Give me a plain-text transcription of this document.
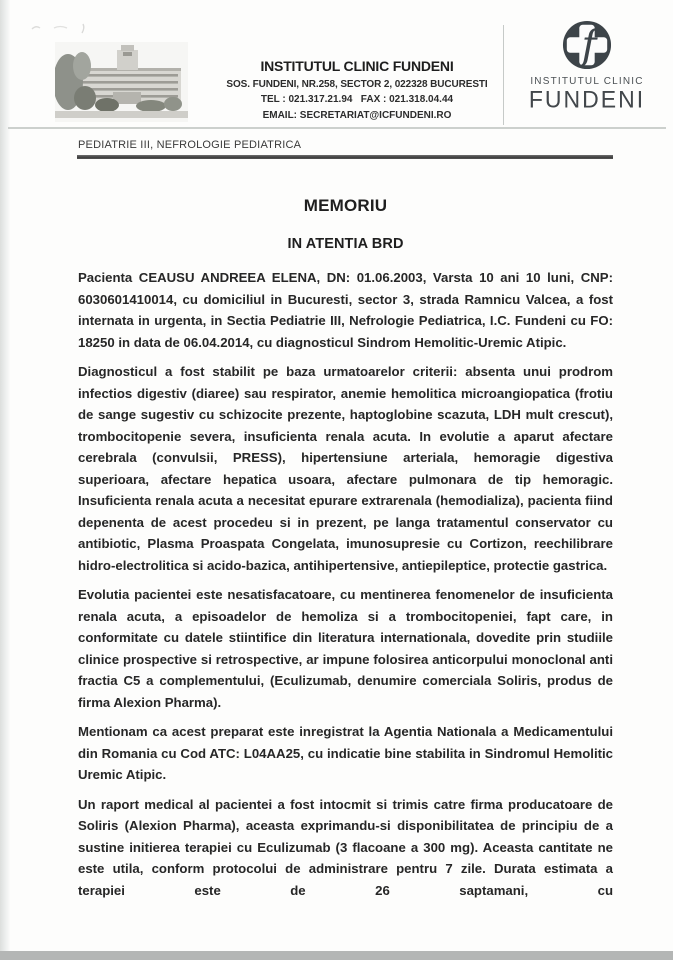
INSTITUTUL CLINIC FUNDENI
SOS. FUNDENI, NR.258, SECTOR 2, 022328 BUCURESTI
TEL : 021.317.21.94   FAX : 021.318.04.44
EMAIL: SECRETARIAT@ICFUNDENI.RO
f
INSTITUTUL CLINIC
FUNDENI
PEDIATRIE III, NEFROLOGIE PEDIATRICA
MEMORIU
IN ATENTIA BRD

Pacienta CEAUSU ANDREEA ELENA, DN: 01.06.2003, Varsta 10 ani 10 luni, CNP: 6030601410014, cu domiciliul in Bucuresti, sector 3, strada Ramnicu Valcea, a fost internata in urgenta, in Sectia Pediatrie III, Nefrologie Pediatrica, I.C. Fundeni cu FO: 18250 in data de 06.04.2014, cu diagnosticul Sindrom Hemolitic-Uremic Atipic.

Diagnosticul a fost stabilit pe baza urmatoarelor criterii: absenta unui prodrom infectios digestiv (diaree) sau respirator, anemie hemolitica microangiopatica (frotiu de sange sugestiv cu schizocite prezente, haptoglobine scazuta, LDH mult crescut), trombocitopenie severa, insuficienta renala acuta. In evolutie a aparut afectare cerebrala (convulsii, PRESS), hipertensiune arteriala, hemoragie digestiva superioara, afectare hepatica usoara, afectare pulmonara de tip hemoragic. Insuficienta renala acuta a necesitat epurare extrarenala (hemodializa), pacienta fiind depenenta de acest procedeu si in prezent, pe langa tratamentul conservator cu antibiotic, Plasma Proaspata Congelata, imunosupresie cu Cortizon, reechilibrare hidro-electrolitica si acido-bazica, antihipertensive, antiepileptice, protectie gastrica.

Evolutia pacientei este nesatisfacatoare, cu mentinerea fenomenelor de insuficienta renala acuta, a episoadelor de hemoliza si a trombocitopeniei, fapt care, in conformitate cu datele stiintifice din literatura internationala, dovedite prin studiile clinice prospective si retrospective, ar impune folosirea anticorpului monoclonal anti fractia C5 a complementului, (Eculizumab, denumire comerciala Soliris, produs de firma Alexion Pharma).

Mentionam ca acest preparat este inregistrat la Agentia Nationala a Medicamentului din Romania cu Cod ATC: L04AA25, cu indicatie bine stabilita in Sindromul Hemolitic Uremic Atipic.

Un raport medical al pacientei a fost intocmit si trimis catre firma producatoare de Soliris (Alexion Pharma), aceasta exprimandu-si disponibilitatea de principiu de a sustine initierea terapiei cu Eculizumab (3 flacoane a 300 mg). Aceasta cantitate ne este utila, conform protocolui de administrare pentru 7 zile. Durata estimata a terapiei este de 26 saptamani, cu
